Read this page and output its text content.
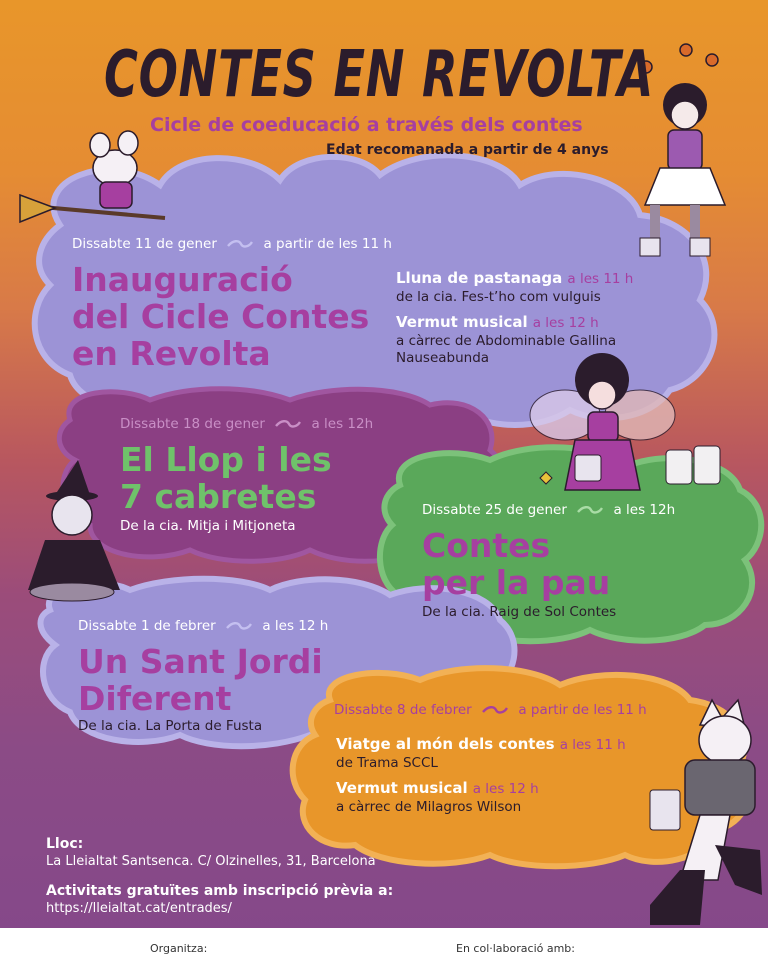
CONTES EN REVOLTA
Cicle de coeducació a través dels contes
Edat recomanada a partir de 4 anys
Dissabte 11 de gener	a partir de les 11 h
Inauguració
del Cicle Contes
en Revolta
Lluna de pastanaga a les 11 h
de la cia. Fes-t’ho com vulguis
Vermut musical a les 12 h
a càrrec de Abdominable Gallina
Nauseabunda
Dissabte 18 de gener	a les 12h
El Llop i les
7 cabretes
De la cia. Mitja i Mitjoneta
Dissabte 25 de gener	a les 12h
Contes
per la pau
De la cia. Raig de Sol Contes
Dissabte 1 de febrer	a les 12 h
Un Sant Jordi
Diferent
De la cia. La Porta de Fusta
Dissabte 8 de febrer	a partir de les 11 h
Viatge al món dels contes a les 11 h
de Trama SCCL
Vermut musical a les 12 h
a càrrec de Milagros Wilson
Lloc:
La Lleialtat Santsenca. C/ Olzinelles, 31, Barcelona
Activitats gratuïtes amb inscripció prèvia a:
https://lleialtat.cat/entrades/
Organitza:	En col·laboració amb:
